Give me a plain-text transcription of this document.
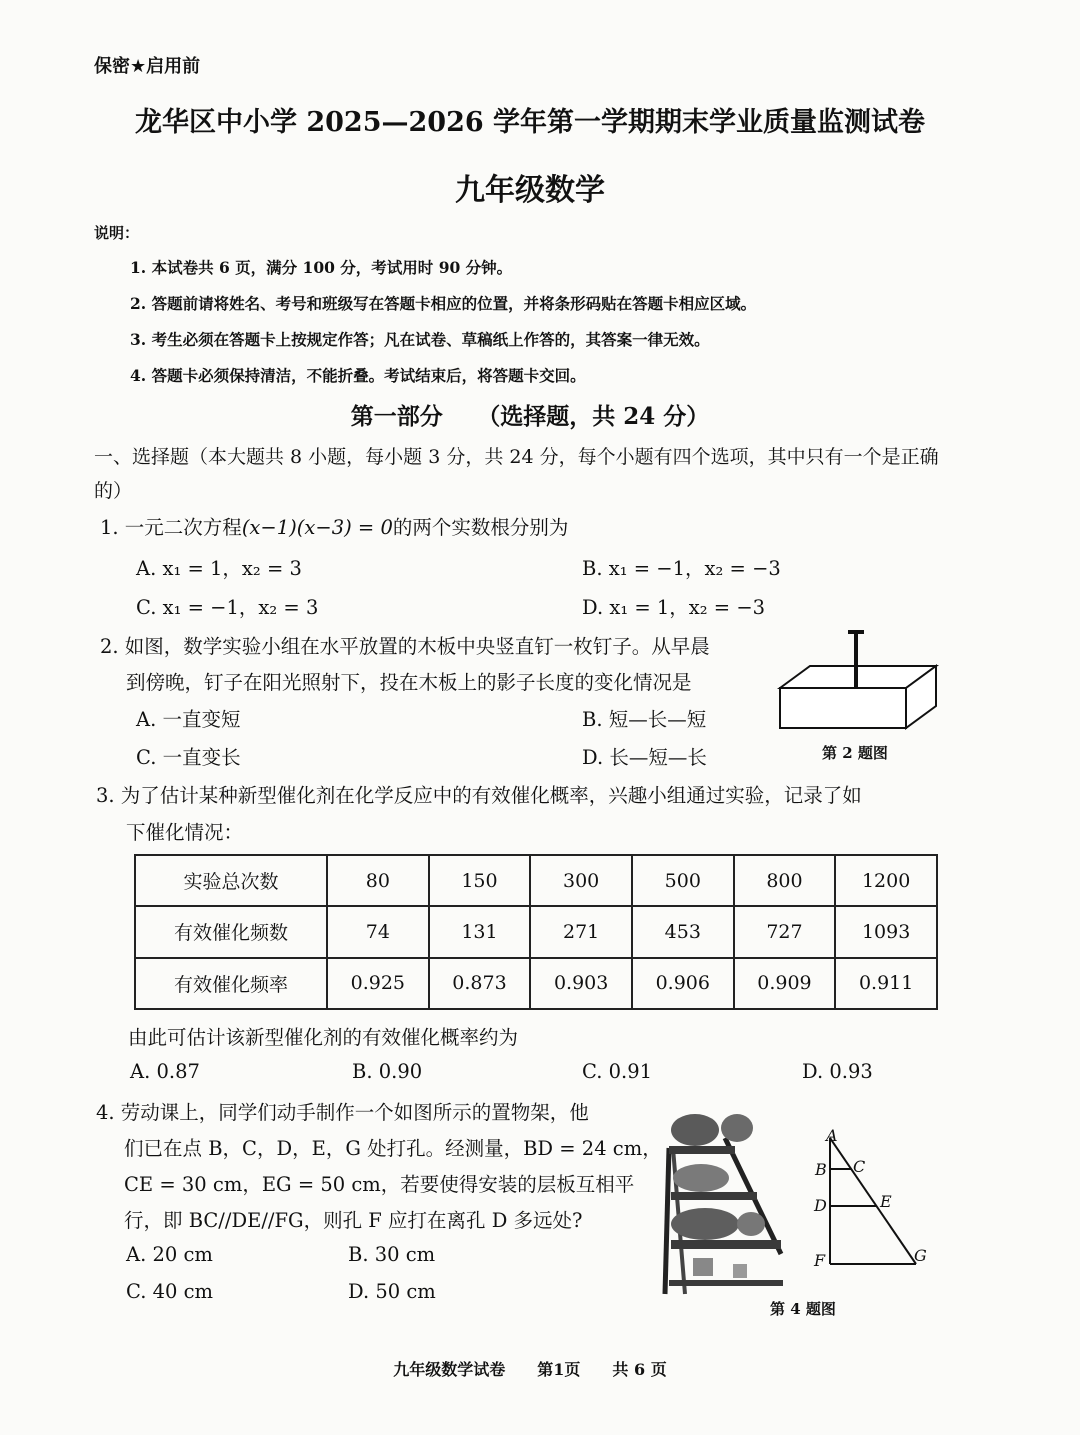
保密★启用前
龙华区中小学 2025—2026 学年第一学期期末学业质量监测试卷
九年级数学
说明：
1. 本试卷共 6 页，满分 100 分，考试用时 90 分钟。
2. 答题前请将姓名、考号和班级写在答题卡相应的位置，并将条形码贴在答题卡相应区域。
3. 考生必须在答题卡上按规定作答；凡在试卷、草稿纸上作答的，其答案一律无效。
4. 答题卡必须保持清洁，不能折叠。考试结束后，将答题卡交回。
第一部分　　（选择题，共 24 分）
一、选择题（本大题共 8 小题，每小题 3 分，共 24 分，每个小题有四个选项，其中只有一个是正确的）
1. 一元二次方程(x−1)(x−3) = 0的两个实数根分别为
A. x₁ = 1，x₂ = 3	B. x₁ = −1，x₂ = −3
C. x₁ = −1，x₂ = 3	D. x₁ = 1，x₂ = −3
2. 如图，数学实验小组在水平放置的木板中央竖直钉一枚钉子。从早晨
到傍晚，钉子在阳光照射下，投在木板上的影子长度的变化情况是
A. 一直变短	B. 短—长—短
C. 一直变长	D. 长—短—长	第 2 题图
3. 为了估计某种新型催化剂在化学反应中的有效催化概率，兴趣小组通过实验，记录了如
下催化情况：
实验总次数	80	150	300	500	800	1200
有效催化频数	74	131	271	453	727	1093
有效催化频率	0.925	0.873	0.903	0.906	0.909	0.911
由此可估计该新型催化剂的有效催化概率约为
A. 0.87	B. 0.90	C. 0.91	D. 0.93
4. 劳动课上，同学们动手制作一个如图所示的置物架，他
们已在点 B，C，D，E，G 处打孔。经测量，BD = 24 cm，
CE = 30 cm，EG = 50 cm，若要使得安装的层板互相平
行，即 BC//DE//FG，则孔 F 应打在离孔 D 多远处?
A. 20 cm	B. 30 cm
C. 40 cm	D. 50 cm
A
B C
D	E
F	G
第 4 题图
九年级数学试卷　　第1页　　共 6 页
